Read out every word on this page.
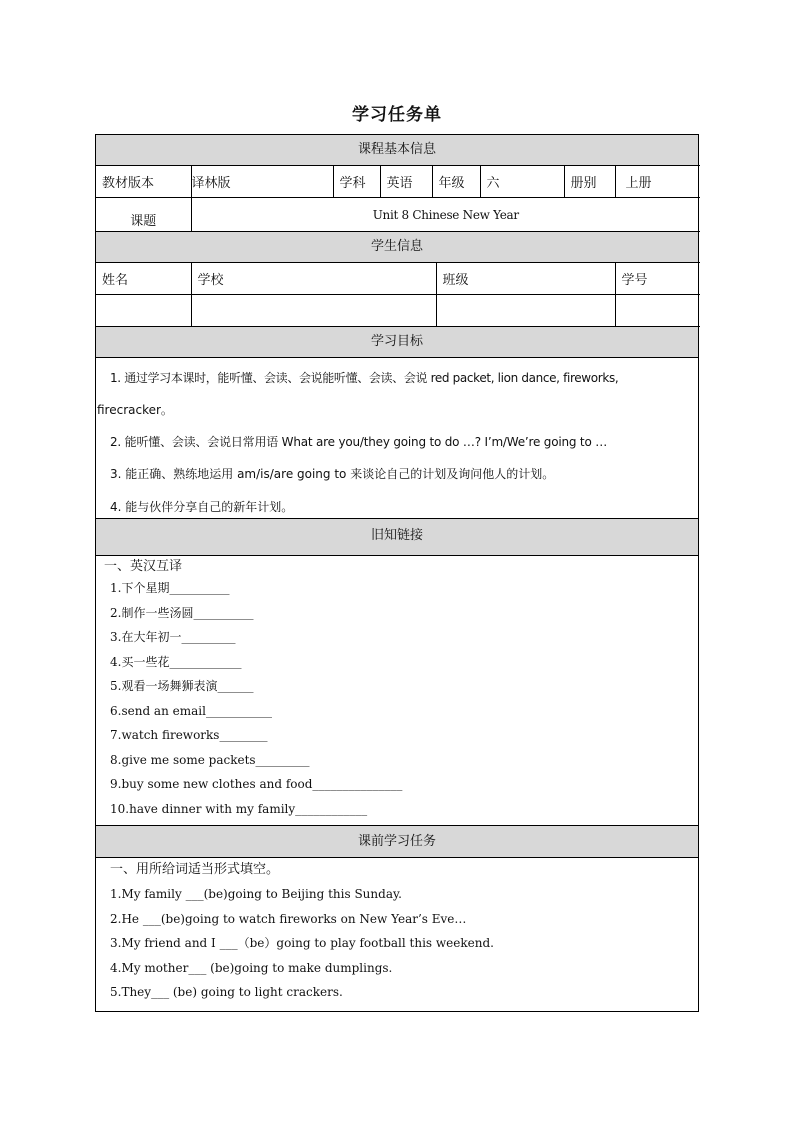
学习任务单
课程基本信息
教材版本	译林版	学科	英语	年级	六	册别	上册
课题	Unit 8 Chinese New Year						
学生信息
姓名	学校	班级	学号

学习目标
1. 通过学习本课时，能听懂、会读、会说能听懂、会读、会说 red packet, lion dance, fireworks,
firecracker。
2. 能听懂、会读、会说日常用语 What are you/they going to do …? I’m/We’re going to …
3. 能正确、熟练地运用 am/is/are going to 来谈论自己的计划及询问他人的计划。
4. 能与伙伴分享自己的新年计划。
旧知链接
一、英汉互译
1.下个星期__________
2.制作一些汤圆__________
3.在大年初一_________
4.买一些花____________
5.观看一场舞狮表演______
6.send an email___________
7.watch fireworks________
8.give me some packets_________
9.buy some new clothes and food_______________
10.have dinner with my family____________
课前学习任务
一、用所给词适当形式填空。
1.My family ___(be)going to Beijing this Sunday.
2.He ___(be)going to watch fireworks on New Year’s Eve…
3.My friend and I ___（be）going to play football this weekend.
4.My mother___ (be)going to make dumplings.
5.They___ (be) going to light crackers.
